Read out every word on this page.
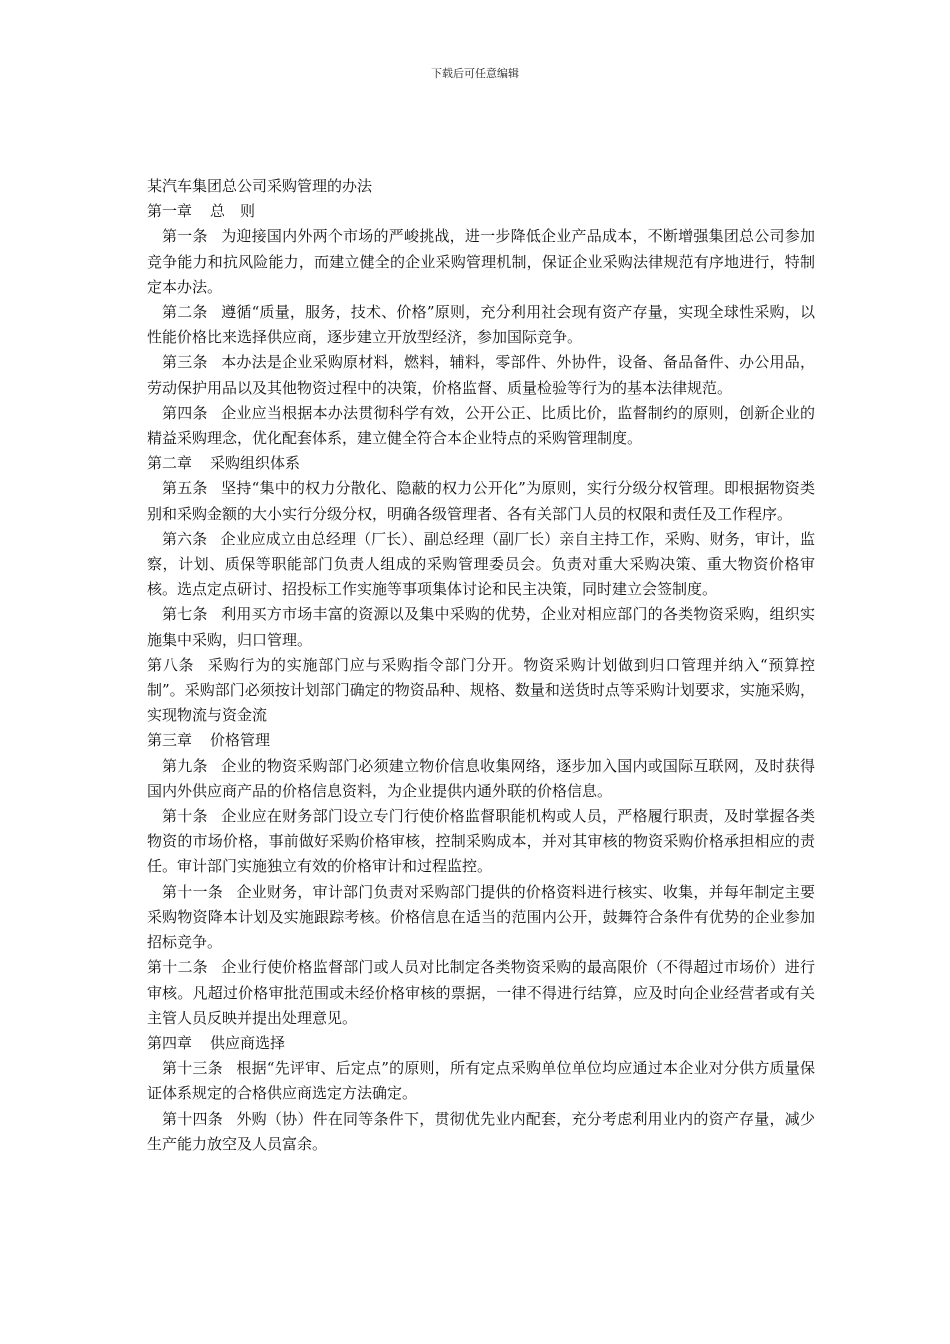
下载后可任意编辑

某汽车集团总公司采购管理的办法

第一章 总　则

第一条 为迎接国内外两个市场的严峻挑战，进一步降低企业产品成本，不断增强集团总公司参加竞争能力和抗风险能力，而建立健全的企业采购管理机制，保证企业采购法律规范有序地进行，特制定本办法。

第二条 遵循“质量，服务，技术、价格”原则，充分利用社会现有资产存量，实现全球性采购，以性能价格比来选择供应商，逐步建立开放型经济，参加国际竞争。

第三条 本办法是企业采购原材料，燃料，辅料，零部件、外协件，设备、备品备件、办公用品，劳动保护用品以及其他物资过程中的决策，价格监督、质量检验等行为的基本法律规范。

第四条 企业应当根据本办法贯彻科学有效，公开公正、比质比价，监督制约的原则，创新企业的精益采购理念，优化配套体系，建立健全符合本企业特点的采购管理制度。

第二章 采购组织体系

第五条 坚持“集中的权力分散化、隐蔽的权力公开化”为原则，实行分级分权管理。即根据物资类别和采购金额的大小实行分级分权，明确各级管理者、各有关部门人员的权限和责任及工作程序。

第六条 企业应成立由总经理（厂长）、副总经理（副厂长）亲自主持工作，采购、财务，审计，监察，计划、质保等职能部门负责人组成的采购管理委员会。负责对重大采购决策、重大物资价格审核。选点定点研讨、招投标工作实施等事项集体讨论和民主决策，同时建立会签制度。

第七条 利用买方市场丰富的资源以及集中采购的优势，企业对相应部门的各类物资采购，组织实施集中采购，归口管理。

第八条 采购行为的实施部门应与采购指令部门分开。物资采购计划做到归口管理并纳入“预算控制”。采购部门必须按计划部门确定的物资品种、规格、数量和送货时点等采购计划要求，实施采购，实现物流与资金流

第三章 价格管理

第九条 企业的物资采购部门必须建立物价信息收集网络，逐步加入国内或国际互联网，及时获得国内外供应商产品的价格信息资料，为企业提供内通外联的价格信息。

第十条 企业应在财务部门设立专门行使价格监督职能机构或人员，严格履行职责，及时掌握各类物资的市场价格，事前做好采购价格审核，控制采购成本，并对其审核的物资采购价格承担相应的责任。审计部门实施独立有效的价格审计和过程监控。

第十一条 企业财务，审计部门负责对采购部门提供的价格资料进行核实、收集，并每年制定主要采购物资降本计划及实施跟踪考核。价格信息在适当的范围内公开，鼓舞符合条件有优势的企业参加招标竞争。

第十二条 企业行使价格监督部门或人员对比制定各类物资采购的最高限价（不得超过市场价）进行审核。凡超过价格审批范围或未经价格审核的票据，一律不得进行结算，应及时向企业经营者或有关主管人员反映并提出处理意见。

第四章 供应商选择

第十三条 根据“先评审、后定点”的原则，所有定点采购单位单位均应通过本企业对分供方质量保证体系规定的合格供应商选定方法确定。

第十四条 外购（协）件在同等条件下，贯彻优先业内配套，充分考虑利用业内的资产存量，减少生产能力放空及人员富余。
